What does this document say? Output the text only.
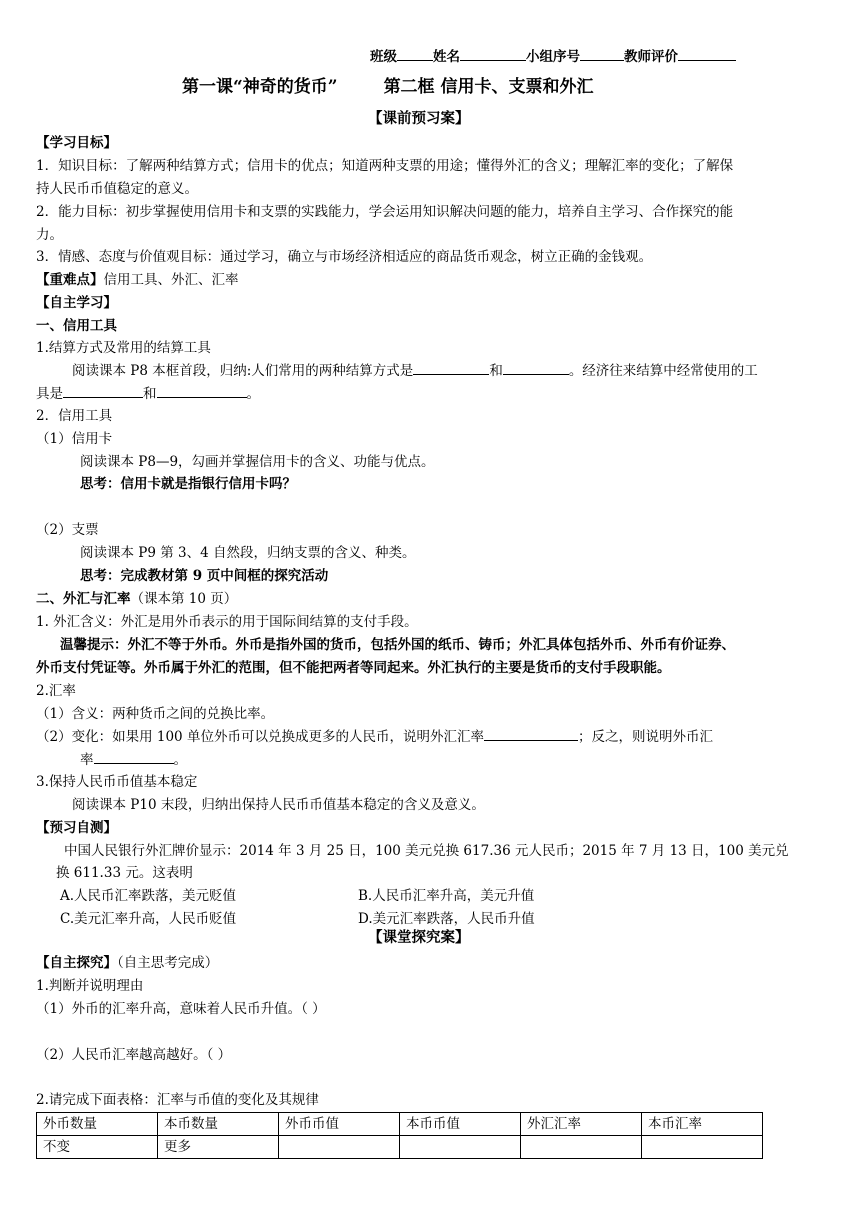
班级	姓名	小组序号	教师评价
第一课“神奇的货币”	第二框 信用卡、支票和外汇
【课前预习案】
【学习目标】
1．知识目标：了解两种结算方式；信用卡的优点；知道两种支票的用途；懂得外汇的含义；理解汇率的变化；了解保
持人民币币值稳定的意义。
2．能力目标：初步掌握使用信用卡和支票的实践能力，学会运用知识解决问题的能力，培养自主学习、合作探究的能
力。
3．情感、态度与价值观目标：通过学习，确立与市场经济相适应的商品货币观念，树立正确的金钱观。
【重难点】信用工具、外汇、汇率
【自主学习】
一、信用工具
1.结算方式及常用的结算工具
阅读课本 P8 本框首段，归纳:人们常用的两种结算方式是	和	。经济往来结算中经常使用的工
具是	和	。
2．信用工具
（1）信用卡
阅读课本 P8—9，勾画并掌握信用卡的含义、功能与优点。
思考：信用卡就是指银行信用卡吗？
（2）支票
阅读课本 P9 第 3、4 自然段，归纳支票的含义、种类。
思考：完成教材第 9 页中间框的探究活动
二、外汇与汇率（课本第 10 页）
1. 外汇含义：外汇是用外币表示的用于国际间结算的支付手段。
温馨提示：外汇不等于外币。外币是指外国的货币，包括外国的纸币、铸币；外汇具体包括外币、外币有价证券、
外币支付凭证等。外币属于外汇的范围，但不能把两者等同起来。外汇执行的主要是货币的支付手段职能。
2.汇率
（1）含义：两种货币之间的兑换比率。
（2）变化：如果用 100 单位外币可以兑换成更多的人民币，说明外汇汇率	；反之，则说明外币汇
率	。
3.保持人民币币值基本稳定
阅读课本 P10 末段，归纳出保持人民币币值基本稳定的含义及意义。
【预习自测】
中国人民银行外汇牌价显示：2014 年 3 月 25 日，100 美元兑换 617.36 元人民币；2015 年 7 月 13 日，100 美元兑
换 611.33 元。这表明
A.人民币汇率跌落，美元贬值	B.人民币汇率升高，美元升值
C.美元汇率升高，人民币贬值	D.美元汇率跌落，人民币升值
【课堂探究案】
【自主探究】（自主思考完成）
1.判断并说明理由
（1）外币的汇率升高，意味着人民币升值。（ ）
（2）人民币汇率越高越好。（ ）
2.请完成下面表格：汇率与币值的变化及其规律
外币数量	本币数量	外币币值	本币币值	外汇汇率	本币汇率
不变	更多				
